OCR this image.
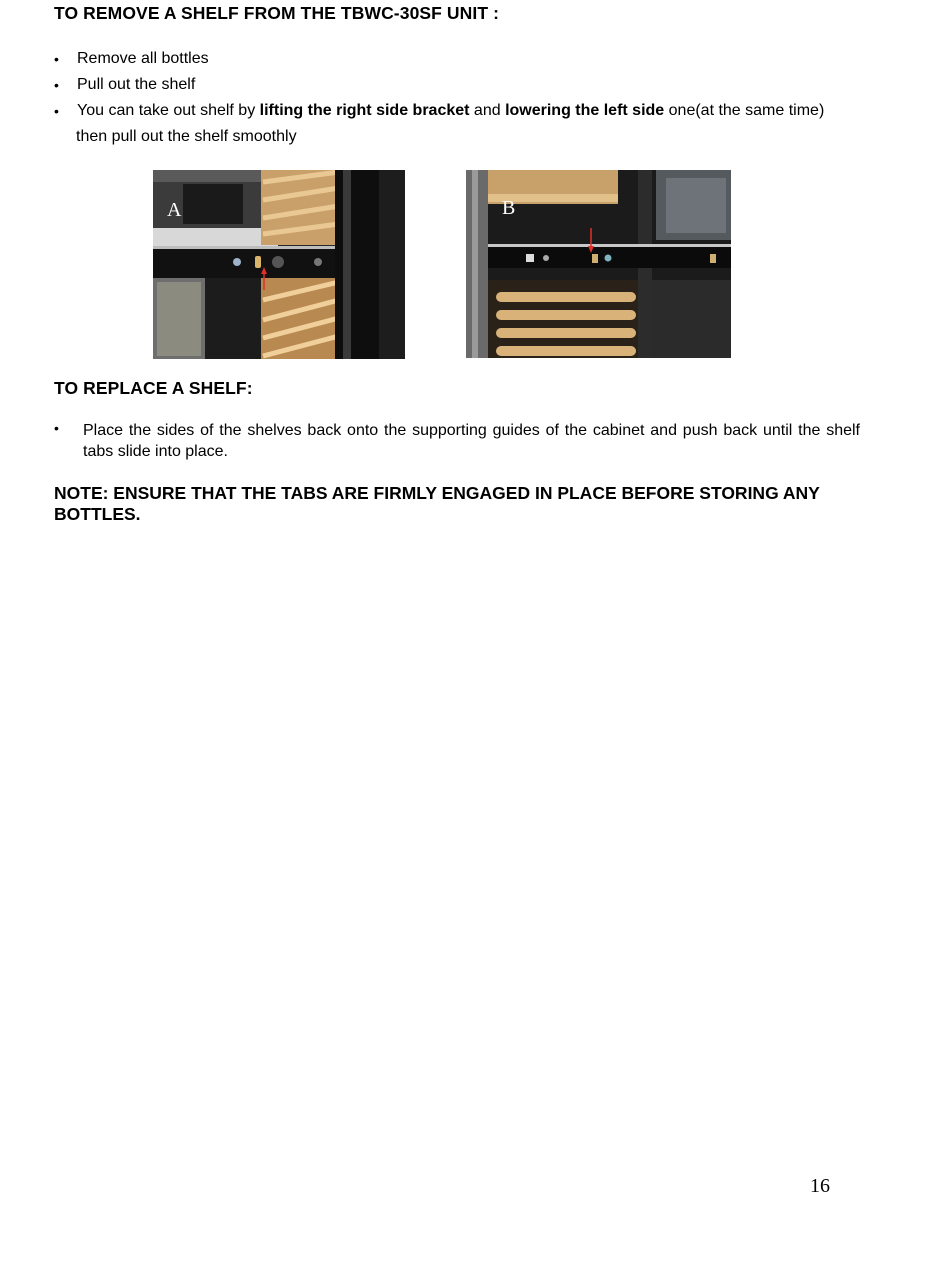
TO REMOVE A SHELF FROM THE TBWC-30SF UNIT :
• Remove all bottles
• Pull out the shelf
• You can take out shelf by lifting the right side bracket and lowering the left side one(at the same time)
then pull out the shelf smoothly
A	B
TO REPLACE A SHELF:
• Place the sides of the shelves back onto the supporting guides of the cabinet and push back until the shelf tabs slide into place.
NOTE: ENSURE THAT THE TABS ARE FIRMLY ENGAGED IN PLACE BEFORE STORING ANY BOTTLES.
16
